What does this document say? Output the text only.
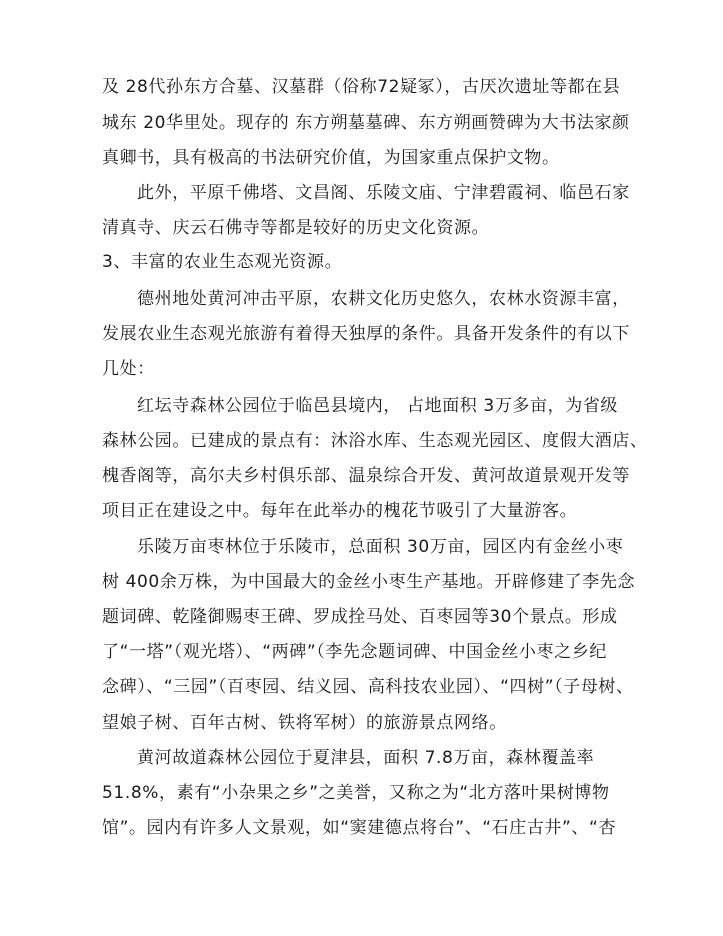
及 28代孙东方合墓、汉墓群（俗称72疑冢），古厌次遗址等都在县
城东 20华里处。现存的 东方朔墓墓碑、东方朔画赞碑为大书法家颜
真卿书，具有极高的书法研究价值，为国家重点保护文物。
此外，平原千佛塔、文昌阁、乐陵文庙、宁津碧霞祠、临邑石家
清真寺、庆云石佛寺等都是较好的历史文化资源。
3、丰富的农业生态观光资源。
德州地处黄河冲击平原，农耕文化历史悠久，农林水资源丰富，
发展农业生态观光旅游有着得天独厚的条件。具备开发条件的有以下
几处：
红坛寺森林公园位于临邑县境内， 占地面积 3万多亩，为省级
森林公园。已建成的景点有：沐浴水库、生态观光园区、度假大酒店、
槐香阁等，高尔夫乡村俱乐部、温泉综合开发、黄河故道景观开发等
项目正在建设之中。每年在此举办的槐花节吸引了大量游客。
乐陵万亩枣林位于乐陵市，总面积 30万亩，园区内有金丝小枣
树 400余万株，为中国最大的金丝小枣生产基地。开辟修建了李先念
题词碑、乾隆御赐枣王碑、罗成拴马处、百枣园等30个景点。形成
了“一塔”（观光塔）、“两碑”（李先念题词碑、中国金丝小枣之乡纪
念碑）、“三园”（百枣园、结义园、高科技农业园）、“四树”（子母树、
望娘子树、百年古树、铁将军树）的旅游景点网络。
黄河故道森林公园位于夏津县，面积 7.8万亩，森林覆盖率
51.8%，素有“小杂果之乡”之美誉，又称之为“北方落叶果树博物
馆”。园内有许多人文景观，如“窦建德点将台”、“石庄古井”、“杏
